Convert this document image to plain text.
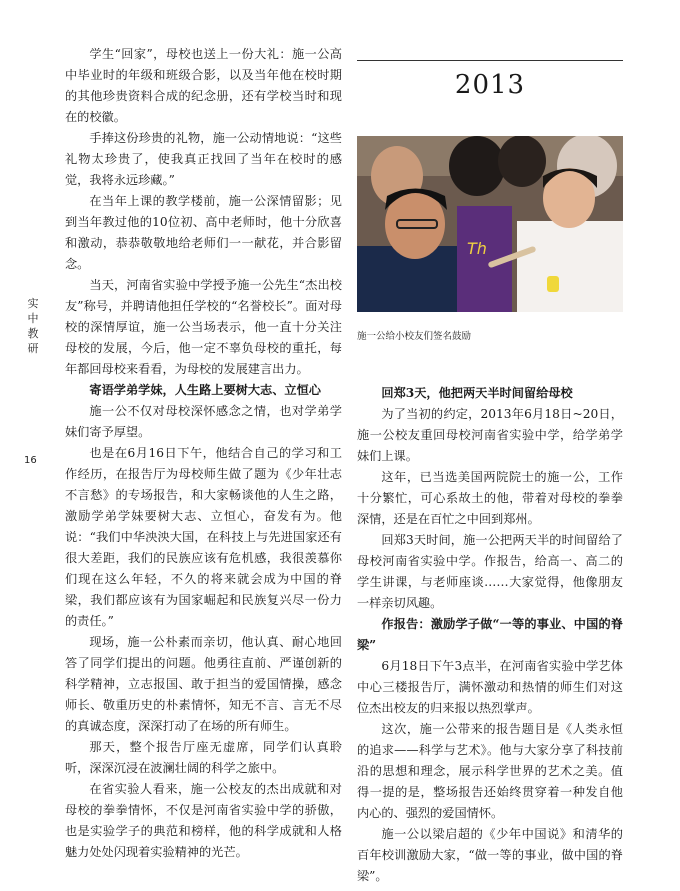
实中教研
16

学生“回家”，母校也送上一份大礼：施一公高中毕业时的年级和班级合影，以及当年他在校时期的其他珍贵资料合成的纪念册，还有学校当时和现在的校徽。

手捧这份珍贵的礼物，施一公动情地说：“这些礼物太珍贵了，使我真正找回了当年在校时的感觉，我将永远珍藏。”

在当年上课的教学楼前，施一公深情留影；见到当年教过他的10位初、高中老师时，他十分欣喜和激动，恭恭敬敬地给老师们一一献花，并合影留念。

当天，河南省实验中学授予施一公先生“杰出校友”称号，并聘请他担任学校的“名誉校长”。面对母校的深情厚谊，施一公当场表示，他一直十分关注母校的发展，今后，他一定不辜负母校的重托，每年都回母校来看看，为母校的发展建言出力。

寄语学弟学妹，人生路上要树大志、立恒心

施一公不仅对母校深怀感念之情，也对学弟学妹们寄予厚望。

也是在6月16日下午，他结合自己的学习和工作经历，在报告厅为母校师生做了题为《少年壮志不言愁》的专场报告，和大家畅谈他的人生之路，激励学弟学妹要树大志、立恒心，奋发有为。他说：“我们中华泱泱大国，在科技上与先进国家还有很大差距，我们的民族应该有危机感，我很羡慕你们现在这么年轻，不久的将来就会成为中国的脊梁，我们都应该有为国家崛起和民族复兴尽一份力的责任。”

现场，施一公朴素而亲切，他认真、耐心地回答了同学们提出的问题。他勇往直前、严谨创新的科学精神，立志报国、敢于担当的爱国情操，感念师长、敬重历史的朴素情怀，知无不言、言无不尽的真诚态度，深深打动了在场的所有师生。

那天，整个报告厅座无虚席，同学们认真聆听，深深沉浸在波澜壮阔的科学之旅中。

在省实验人看来，施一公校友的杰出成就和对母校的拳拳情怀，不仅是河南省实验中学的骄傲，也是实验学子的典范和榜样，他的科学成就和人格魅力处处闪现着实验精神的光芒。

2013
Th
施一公给小校友们签名鼓励

回郑3天，他把两天半时间留给母校

为了当初的约定，2013年6月18日~20日，施一公校友重回母校河南省实验中学，给学弟学妹们上课。

这年，已当选美国两院院士的施一公，工作十分繁忙，可心系故土的他，带着对母校的拳拳深情，还是在百忙之中回到郑州。

回郑3天时间，施一公把两天半的时间留给了母校河南省实验中学。作报告，给高一、高二的学生讲课，与老师座谈……大家觉得，他像朋友一样亲切风趣。

作报告：激励学子做“一等的事业、中国的脊梁”

6月18日下午3点半，在河南省实验中学艺体中心三楼报告厅，满怀激动和热情的师生们对这位杰出校友的归来报以热烈掌声。

这次，施一公带来的报告题目是《人类永恒的追求——科学与艺术》。他与大家分享了科技前沿的思想和理念，展示科学世界的艺术之美。值得一提的是，整场报告还始终贯穿着一种发自他内心的、强烈的爱国情怀。

施一公以梁启超的《少年中国说》和清华的百年校训激励大家，“做一等的事业，做中国的脊梁”。
